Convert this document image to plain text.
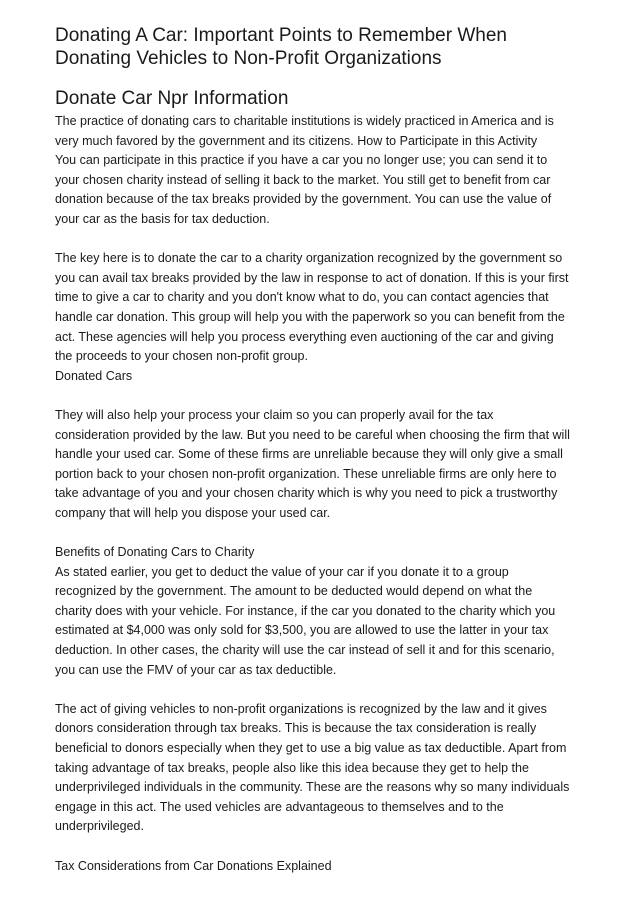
Donating A Car: Important Points to Remember When
Donating Vehicles to Non-Profit Organizations
Donate Car Npr Information
The practice of donating cars to charitable institutions is widely practiced in America and is
very much favored by the government and its citizens. How to Participate in this Activity
You can participate in this practice if you have a car you no longer use; you can send it to
your chosen charity instead of selling it back to the market. You still get to benefit from car
donation because of the tax breaks provided by the government. You can use the value of
your car as the basis for tax deduction.
The key here is to donate the car to a charity organization recognized by the government so
you can avail tax breaks provided by the law in response to act of donation. If this is your first
time to give a car to charity and you don't know what to do, you can contact agencies that
handle car donation. This group will help you with the paperwork so you can benefit from the
act. These agencies will help you process everything even auctioning of the car and giving
the proceeds to your chosen non-profit group.
Donated Cars
They will also help your process your claim so you can properly avail for the tax
consideration provided by the law. But you need to be careful when choosing the firm that will
handle your used car. Some of these firms are unreliable because they will only give a small
portion back to your chosen non-profit organization. These unreliable firms are only here to
take advantage of you and your chosen charity which is why you need to pick a trustworthy
company that will help you dispose your used car.
Benefits of Donating Cars to Charity
As stated earlier, you get to deduct the value of your car if you donate it to a group
recognized by the government. The amount to be deducted would depend on what the
charity does with your vehicle. For instance, if the car you donated to the charity which you
estimated at $4,000 was only sold for $3,500, you are allowed to use the latter in your tax
deduction. In other cases, the charity will use the car instead of sell it and for this scenario,
you can use the FMV of your car as tax deductible.
The act of giving vehicles to non-profit organizations is recognized by the law and it gives
donors consideration through tax breaks. This is because the tax consideration is really
beneficial to donors especially when they get to use a big value as tax deductible. Apart from
taking advantage of tax breaks, people also like this idea because they get to help the
underprivileged individuals in the community. These are the reasons why so many individuals
engage in this act. The used vehicles are advantageous to themselves and to the
underprivileged.
Tax Considerations from Car Donations Explained
